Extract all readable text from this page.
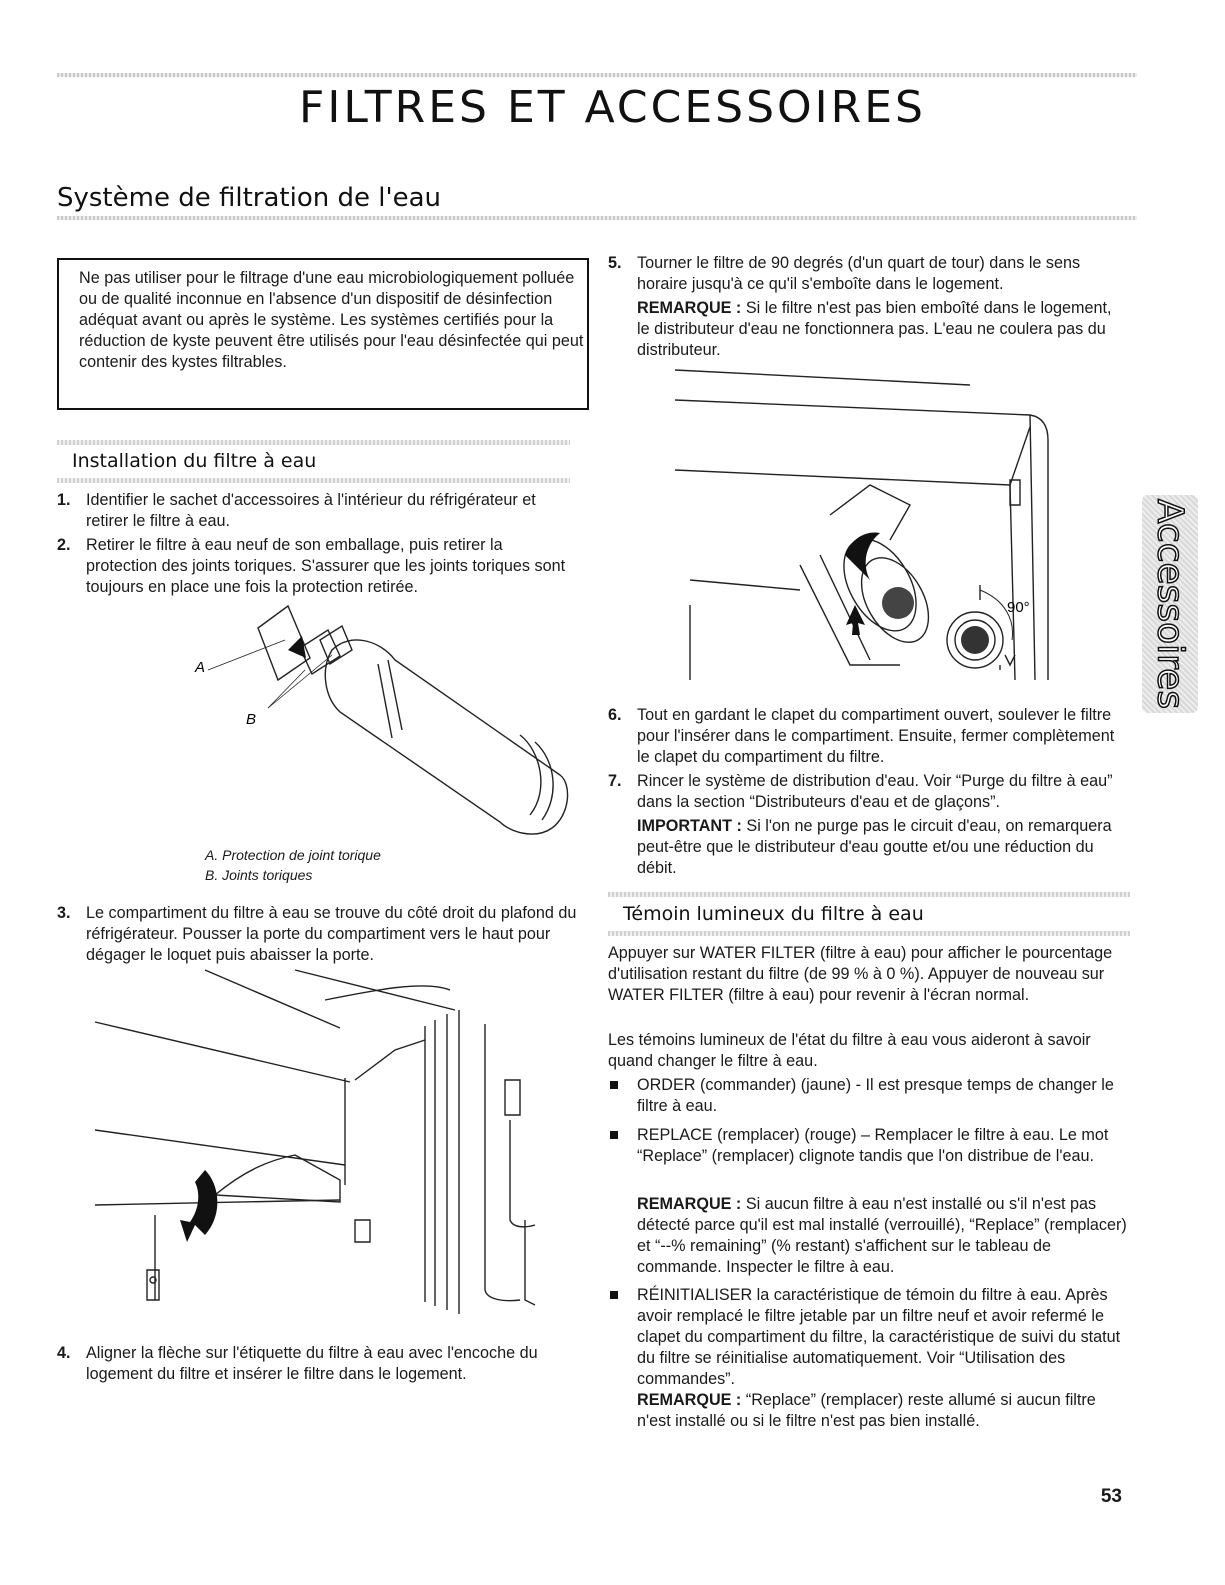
FILTRES ET ACCESSOIRES
Système de filtration de l'eau
Ne pas utiliser pour le filtrage d'une eau microbiologiquement polluée ou de qualité inconnue en l'absence d'un dispositif de désinfection adéquat avant ou après le système. Les systèmes certifiés pour la réduction de kyste peuvent être utilisés pour l'eau désinfectée qui peut contenir des kystes filtrables.
Installation du filtre à eau
1. Identifier le sachet d'accessoires à l'intérieur du réfrigérateur et retirer le filtre à eau.
2. Retirer le filtre à eau neuf de son emballage, puis retirer la protection des joints toriques. S'assurer que les joints toriques sont toujours en place une fois la protection retirée.
A
B
A. Protection de joint torique
B. Joints toriques
3. Le compartiment du filtre à eau se trouve du côté droit du plafond du réfrigérateur. Pousser la porte du compartiment vers le haut pour dégager le loquet puis abaisser la porte.
4. Aligner la flèche sur l'étiquette du filtre à eau avec l'encoche du logement du filtre et insérer le filtre dans le logement.
5. Tourner le filtre de 90 degrés (d'un quart de tour) dans le sens horaire jusqu'à ce qu'il s'emboîte dans le logement.
REMARQUE : Si le filtre n'est pas bien emboîté dans le logement, le distributeur d'eau ne fonctionnera pas. L'eau ne coulera pas du distributeur.
90°
6. Tout en gardant le clapet du compartiment ouvert, soulever le filtre pour l'insérer dans le compartiment. Ensuite, fermer complètement le clapet du compartiment du filtre.
7. Rincer le système de distribution d'eau. Voir “Purge du filtre à eau” dans la section “Distributeurs d'eau et de glaçons”.
IMPORTANT : Si l'on ne purge pas le circuit d'eau, on remarquera peut-être que le distributeur d'eau goutte et/ou une réduction du débit.
Témoin lumineux du filtre à eau
Appuyer sur WATER FILTER (filtre à eau) pour afficher le pourcentage d'utilisation restant du filtre (de 99 % à 0 %). Appuyer de nouveau sur WATER FILTER (filtre à eau) pour revenir à l'écran normal.
Les témoins lumineux de l'état du filtre à eau vous aideront à savoir quand changer le filtre à eau.
ORDER (commander) (jaune) - Il est presque temps de changer le filtre à eau.
REPLACE (remplacer) (rouge) – Remplacer le filtre à eau. Le mot “Replace” (remplacer) clignote tandis que l'on distribue de l'eau.
REMARQUE : Si aucun filtre à eau n'est installé ou s'il n'est pas détecté parce qu'il est mal installé (verrouillé), “Replace” (remplacer) et “--% remaining” (% restant) s'affichent sur le tableau de commande. Inspecter le filtre à eau.
RÉINITIALISER la caractéristique de témoin du filtre à eau. Après avoir remplacé le filtre jetable par un filtre neuf et avoir refermé le clapet du compartiment du filtre, la caractéristique de suivi du statut du filtre se réinitialise automatiquement. Voir “Utilisation des commandes”.
REMARQUE : “Replace” (remplacer) reste allumé si aucun filtre n'est installé ou si le filtre n'est pas bien installé.
Accessoires
53
